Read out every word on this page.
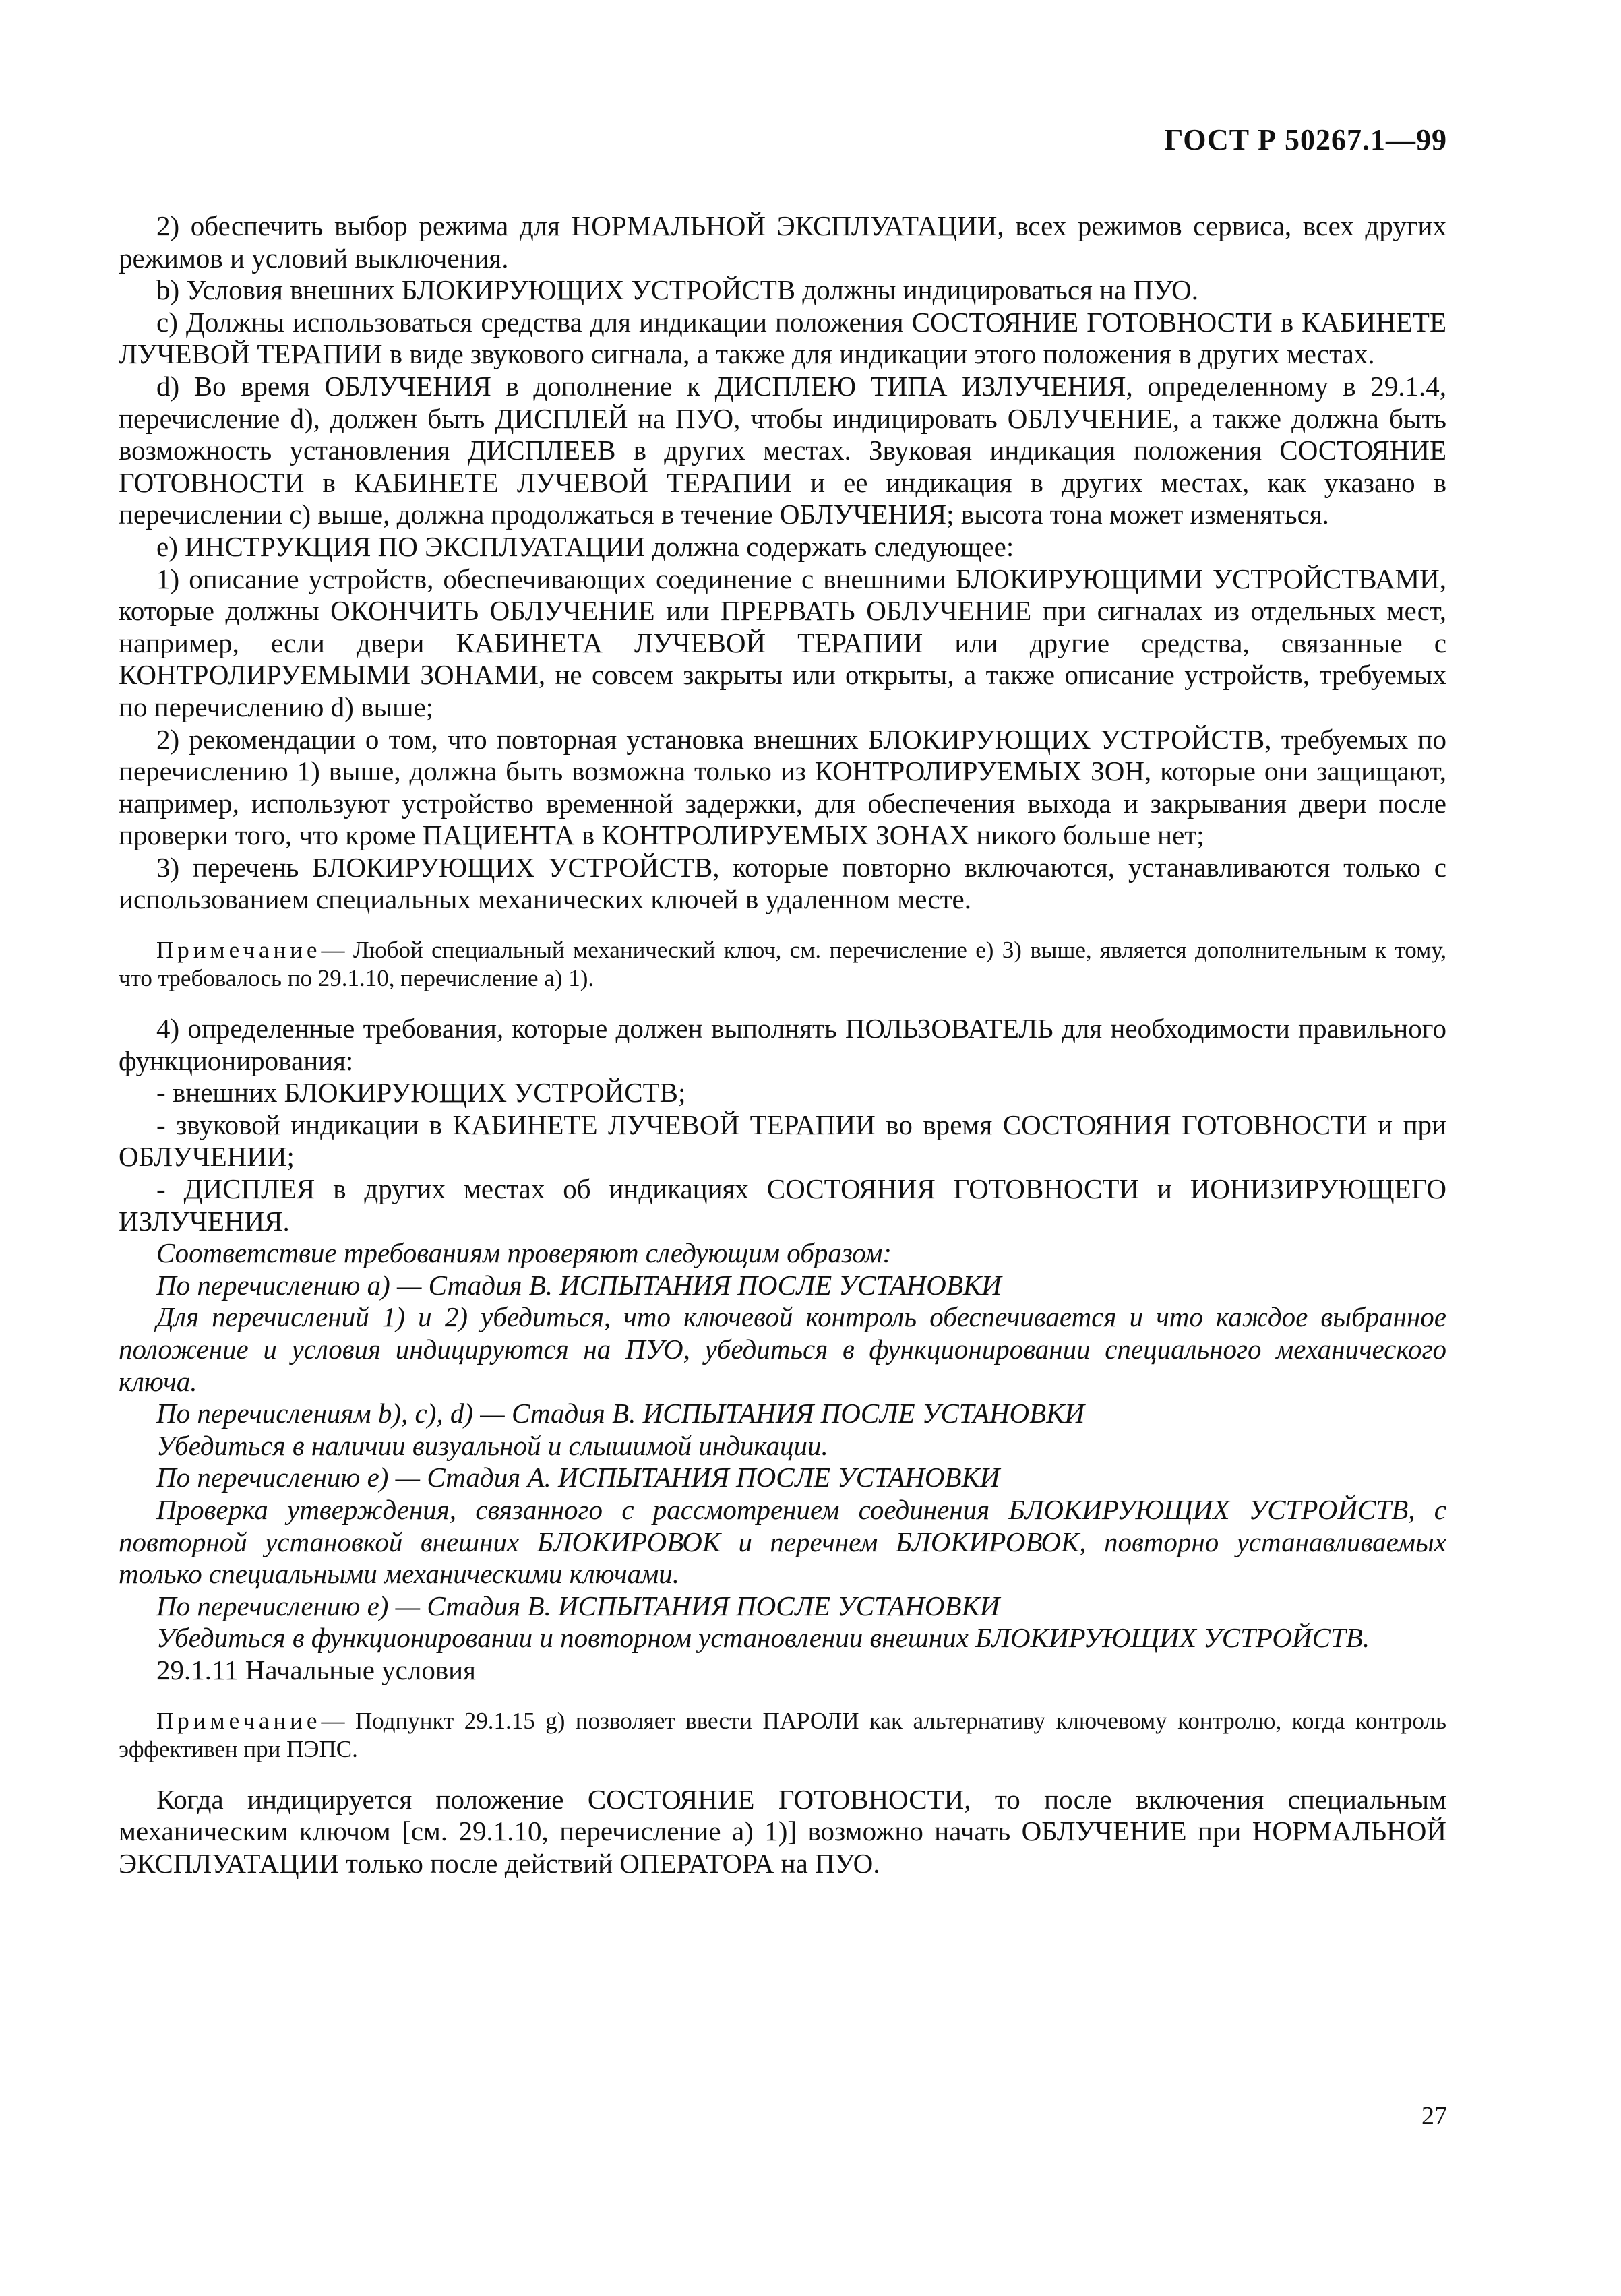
ГОСТ Р 50267.1—99

2) обеспечить выбор режима для НОРМАЛЬНОЙ ЭКСПЛУАТАЦИИ, всех режимов сервиса, всех других режимов и условий выключения.

b) Условия внешних БЛОКИРУЮЩИХ УСТРОЙСТВ должны индицироваться на ПУО.

c) Должны использоваться средства для индикации положения СОСТОЯНИЕ ГОТОВНОСТИ в КАБИНЕТЕ ЛУЧЕВОЙ ТЕРАПИИ в виде звукового сигнала, а также для индикации этого положения в других местах.

d) Во время ОБЛУЧЕНИЯ в дополнение к ДИСПЛЕЮ ТИПА ИЗЛУЧЕНИЯ, определенному в 29.1.4, перечисление d), должен быть ДИСПЛЕЙ на ПУО, чтобы индицировать ОБЛУЧЕНИЕ, а также должна быть возможность установления ДИСПЛЕЕВ в других местах. Звуковая индикация положения СОСТОЯНИЕ ГОТОВНОСТИ в КАБИНЕТЕ ЛУЧЕВОЙ ТЕРАПИИ и ее индикация в других местах, как указано в перечислении c) выше, должна продолжаться в течение ОБЛУЧЕНИЯ; высота тона может изменяться.

e) ИНСТРУКЦИЯ ПО ЭКСПЛУАТАЦИИ должна содержать следующее:

1) описание устройств, обеспечивающих соединение с внешними БЛОКИРУЮЩИМИ УСТРОЙСТВАМИ, которые должны ОКОНЧИТЬ ОБЛУЧЕНИЕ или ПРЕРВАТЬ ОБЛУЧЕНИЕ при сигналах из отдельных мест, например, если двери КАБИНЕТА ЛУЧЕВОЙ ТЕРАПИИ или другие средства, связанные с КОНТРОЛИРУЕМЫМИ ЗОНАМИ, не совсем закрыты или открыты, а также описание устройств, требуемых по перечислению d) выше;

2) рекомендации о том, что повторная установка внешних БЛОКИРУЮЩИХ УСТРОЙСТВ, требуемых по перечислению 1) выше, должна быть возможна только из КОНТРОЛИРУЕМЫХ ЗОН, которые они защищают, например, используют устройство временной задержки, для обеспечения выхода и закрывания двери после проверки того, что кроме ПАЦИЕНТА в КОНТРОЛИРУЕМЫХ ЗОНАХ никого больше нет;

3) перечень БЛОКИРУЮЩИХ УСТРОЙСТВ, которые повторно включаются, устанавливаются только с использованием специальных механических ключей в удаленном месте.

Примечание— Любой специальный механический ключ, см. перечисление e) 3) выше, является дополнительным к тому, что требовалось по 29.1.10, перечисление a) 1).

4) определенные требования, которые должен выполнять ПОЛЬЗОВАТЕЛЬ для необходимости правильного функционирования:

- внешних БЛОКИРУЮЩИХ УСТРОЙСТВ;

- звуковой индикации в КАБИНЕТЕ ЛУЧЕВОЙ ТЕРАПИИ во время СОСТОЯНИЯ ГОТОВНОСТИ и при ОБЛУЧЕНИИ;

- ДИСПЛЕЯ в других местах об индикациях СОСТОЯНИЯ ГОТОВНОСТИ и ИОНИЗИРУЮЩЕГО ИЗЛУЧЕНИЯ.

Соответствие требованиям проверяют следующим образом:

По перечислению a) — Стадия B. ИСПЫТАНИЯ ПОСЛЕ УСТАНОВКИ

Для перечислений 1) и 2) убедиться, что ключевой контроль обеспечивается и что каждое выбранное положение и условия индицируются на ПУО, убедиться в функционировании специального механического ключа.

По перечислениям b), c), d) — Стадия B. ИСПЫТАНИЯ ПОСЛЕ УСТАНОВКИ

Убедиться в наличии визуальной и слышимой индикации.

По перечислению e) — Стадия A. ИСПЫТАНИЯ ПОСЛЕ УСТАНОВКИ

Проверка утверждения, связанного с рассмотрением соединения БЛОКИРУЮЩИХ УСТРОЙСТВ, с повторной установкой внешних БЛОКИРОВОК и перечнем БЛОКИРОВОК, повторно устанавливаемых только специальными механическими ключами.

По перечислению e) — Стадия B. ИСПЫТАНИЯ ПОСЛЕ УСТАНОВКИ

Убедиться в функционировании и повторном установлении внешних БЛОКИРУЮЩИХ УСТРОЙСТВ.

29.1.11 Начальные условия

Примечание— Подпункт 29.1.15 g) позволяет ввести ПАРОЛИ как альтернативу ключевому контролю, когда контроль эффективен при ПЭПС.

Когда индицируется положение СОСТОЯНИЕ ГОТОВНОСТИ, то после включения специальным механическим ключом [см. 29.1.10, перечисление a) 1)] возможно начать ОБЛУЧЕНИЕ при НОРМАЛЬНОЙ ЭКСПЛУАТАЦИИ только после действий ОПЕРАТОРА на ПУО.

27
